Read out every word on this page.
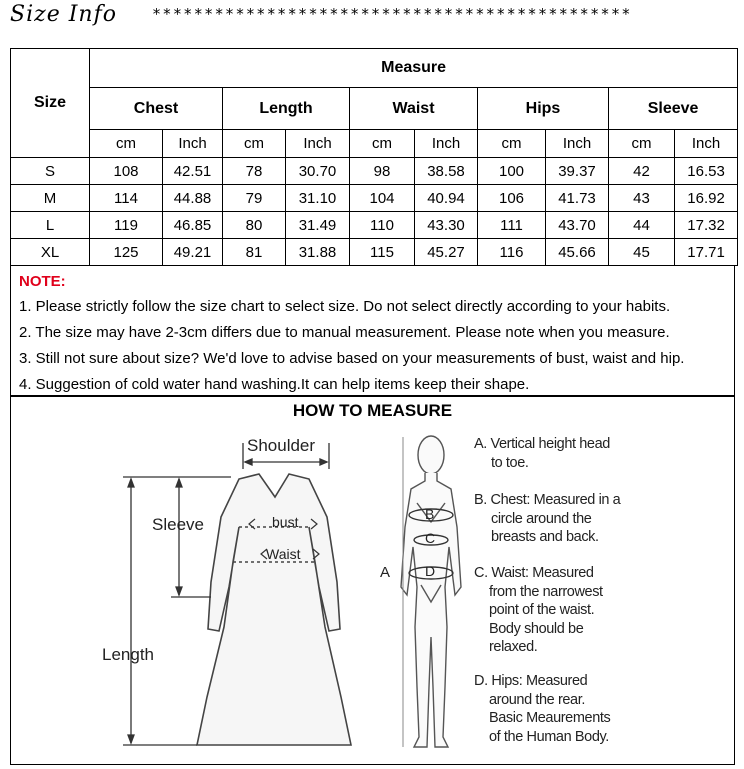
Size Info **********************************************
Size	Measure									
	Chest		Length		Waist		Hips		Sleeve	
	cm	Inch	cm	Inch	cm	Inch	cm	Inch	cm	Inch
S	108	42.51	78	30.70	98	38.58	100	39.37	42	16.53
M	114	44.88	79	31.10	104	40.94	106	41.73	43	16.92
L	119	46.85	80	31.49	110	43.30	111	43.70	44	17.32
XL	125	49.21	81	31.88	115	45.27	116	45.66	45	17.71
NOTE:
1. Please strictly follow the size chart to select size. Do not select directly according to your habits.
2. The size may have 2-3cm differs due to manual measurement. Please note when you measure.
3. Still not sure about size? We'd love to advise based on your measurements of bust, waist and hip.
4. Suggestion of cold water hand washing.It can help items keep their shape.
HOW TO MEASURE
Shoulder
Sleeve
Length
bust
Waist
A
B
C
D
A. Vertical height head
to toe.
B. Chest: Measured in a
circle around the
breasts and back.
C. Waist: Measured
from the narrowest
point of the waist.
Body should be
relaxed.
D. Hips: Measured
around the rear.
Basic Meaurements
of the Human Body.
